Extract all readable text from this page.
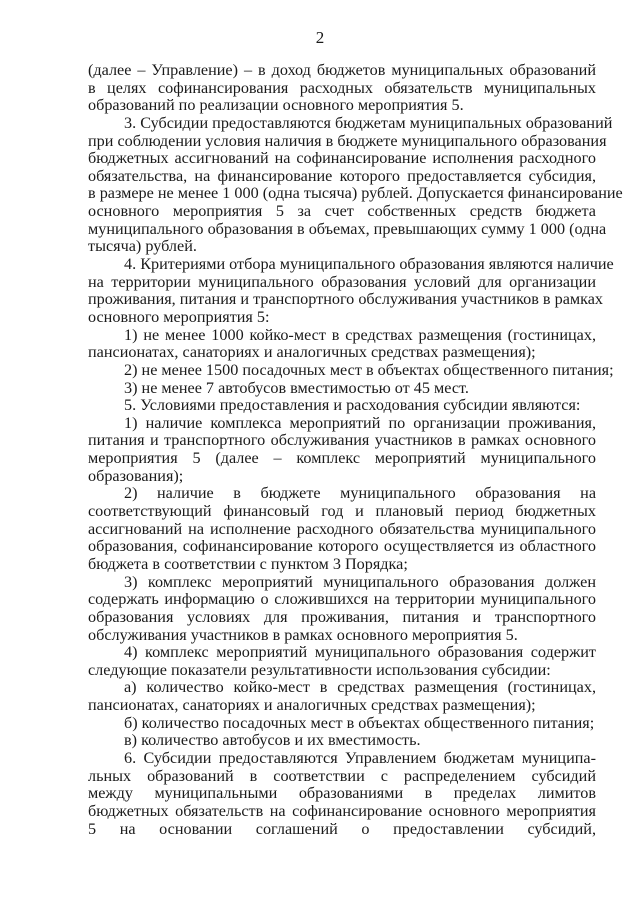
2
(далее – Управление) – в доход бюджетов муниципальных образований
в целях софинансирования расходных обязательств муниципальных
образований по реализации основного мероприятия 5.
3. Субсидии предоставляются бюджетам муниципальных образований
при соблюдении условия наличия в бюджете муниципального образования
бюджетных ассигнований на софинансирование исполнения расходного
обязательства, на финансирование которого предоставляется субсидия,
в размере не менее 1 000 (одна тысяча) рублей. Допускается финансирование
основного мероприятия 5 за счет собственных средств бюджета
муниципального образования в объемах, превышающих сумму 1 000 (одна
тысяча) рублей.
4. Критериями отбора муниципального образования являются наличие
на территории муниципального образования условий для организации
проживания, питания и транспортного обслуживания участников в рамках
основного мероприятия 5:
1) не менее 1000 койко-мест в средствах размещения (гостиницах,
пансионатах, санаториях и аналогичных средствах размещения);
2) не менее 1500 посадочных мест в объектах общественного питания;
3) не менее 7 автобусов вместимостью от 45 мест.
5. Условиями предоставления и расходования субсидии являются:
1) наличие комплекса мероприятий по организации проживания,
питания и транспортного обслуживания участников в рамках основного
мероприятия 5 (далее – комплекс мероприятий муниципального
образования);
2) наличие в бюджете муниципального образования на
соответствующий финансовый год и плановый период бюджетных
ассигнований на исполнение расходного обязательства муниципального
образования, софинансирование которого осуществляется из областного
бюджета в соответствии с пунктом 3 Порядка;
3) комплекс мероприятий муниципального образования должен
содержать информацию о сложившихся на территории муниципального
образования условиях для проживания, питания и транспортного
обслуживания участников в рамках основного мероприятия 5.
4) комплекс мероприятий муниципального образования содержит
следующие показатели результативности использования субсидии:
а) количество койко-мест в средствах размещения (гостиницах,
пансионатах, санаториях и аналогичных средствах размещения);
б) количество посадочных мест в объектах общественного питания;
в) количество автобусов и их вместимость.
6. Субсидии предоставляются Управлением бюджетам муниципа-
льных образований в соответствии с распределением субсидий
между муниципальными образованиями в пределах лимитов
бюджетных обязательств на софинансирование основного мероприятия
5 на основании соглашений о предоставлении субсидий,
